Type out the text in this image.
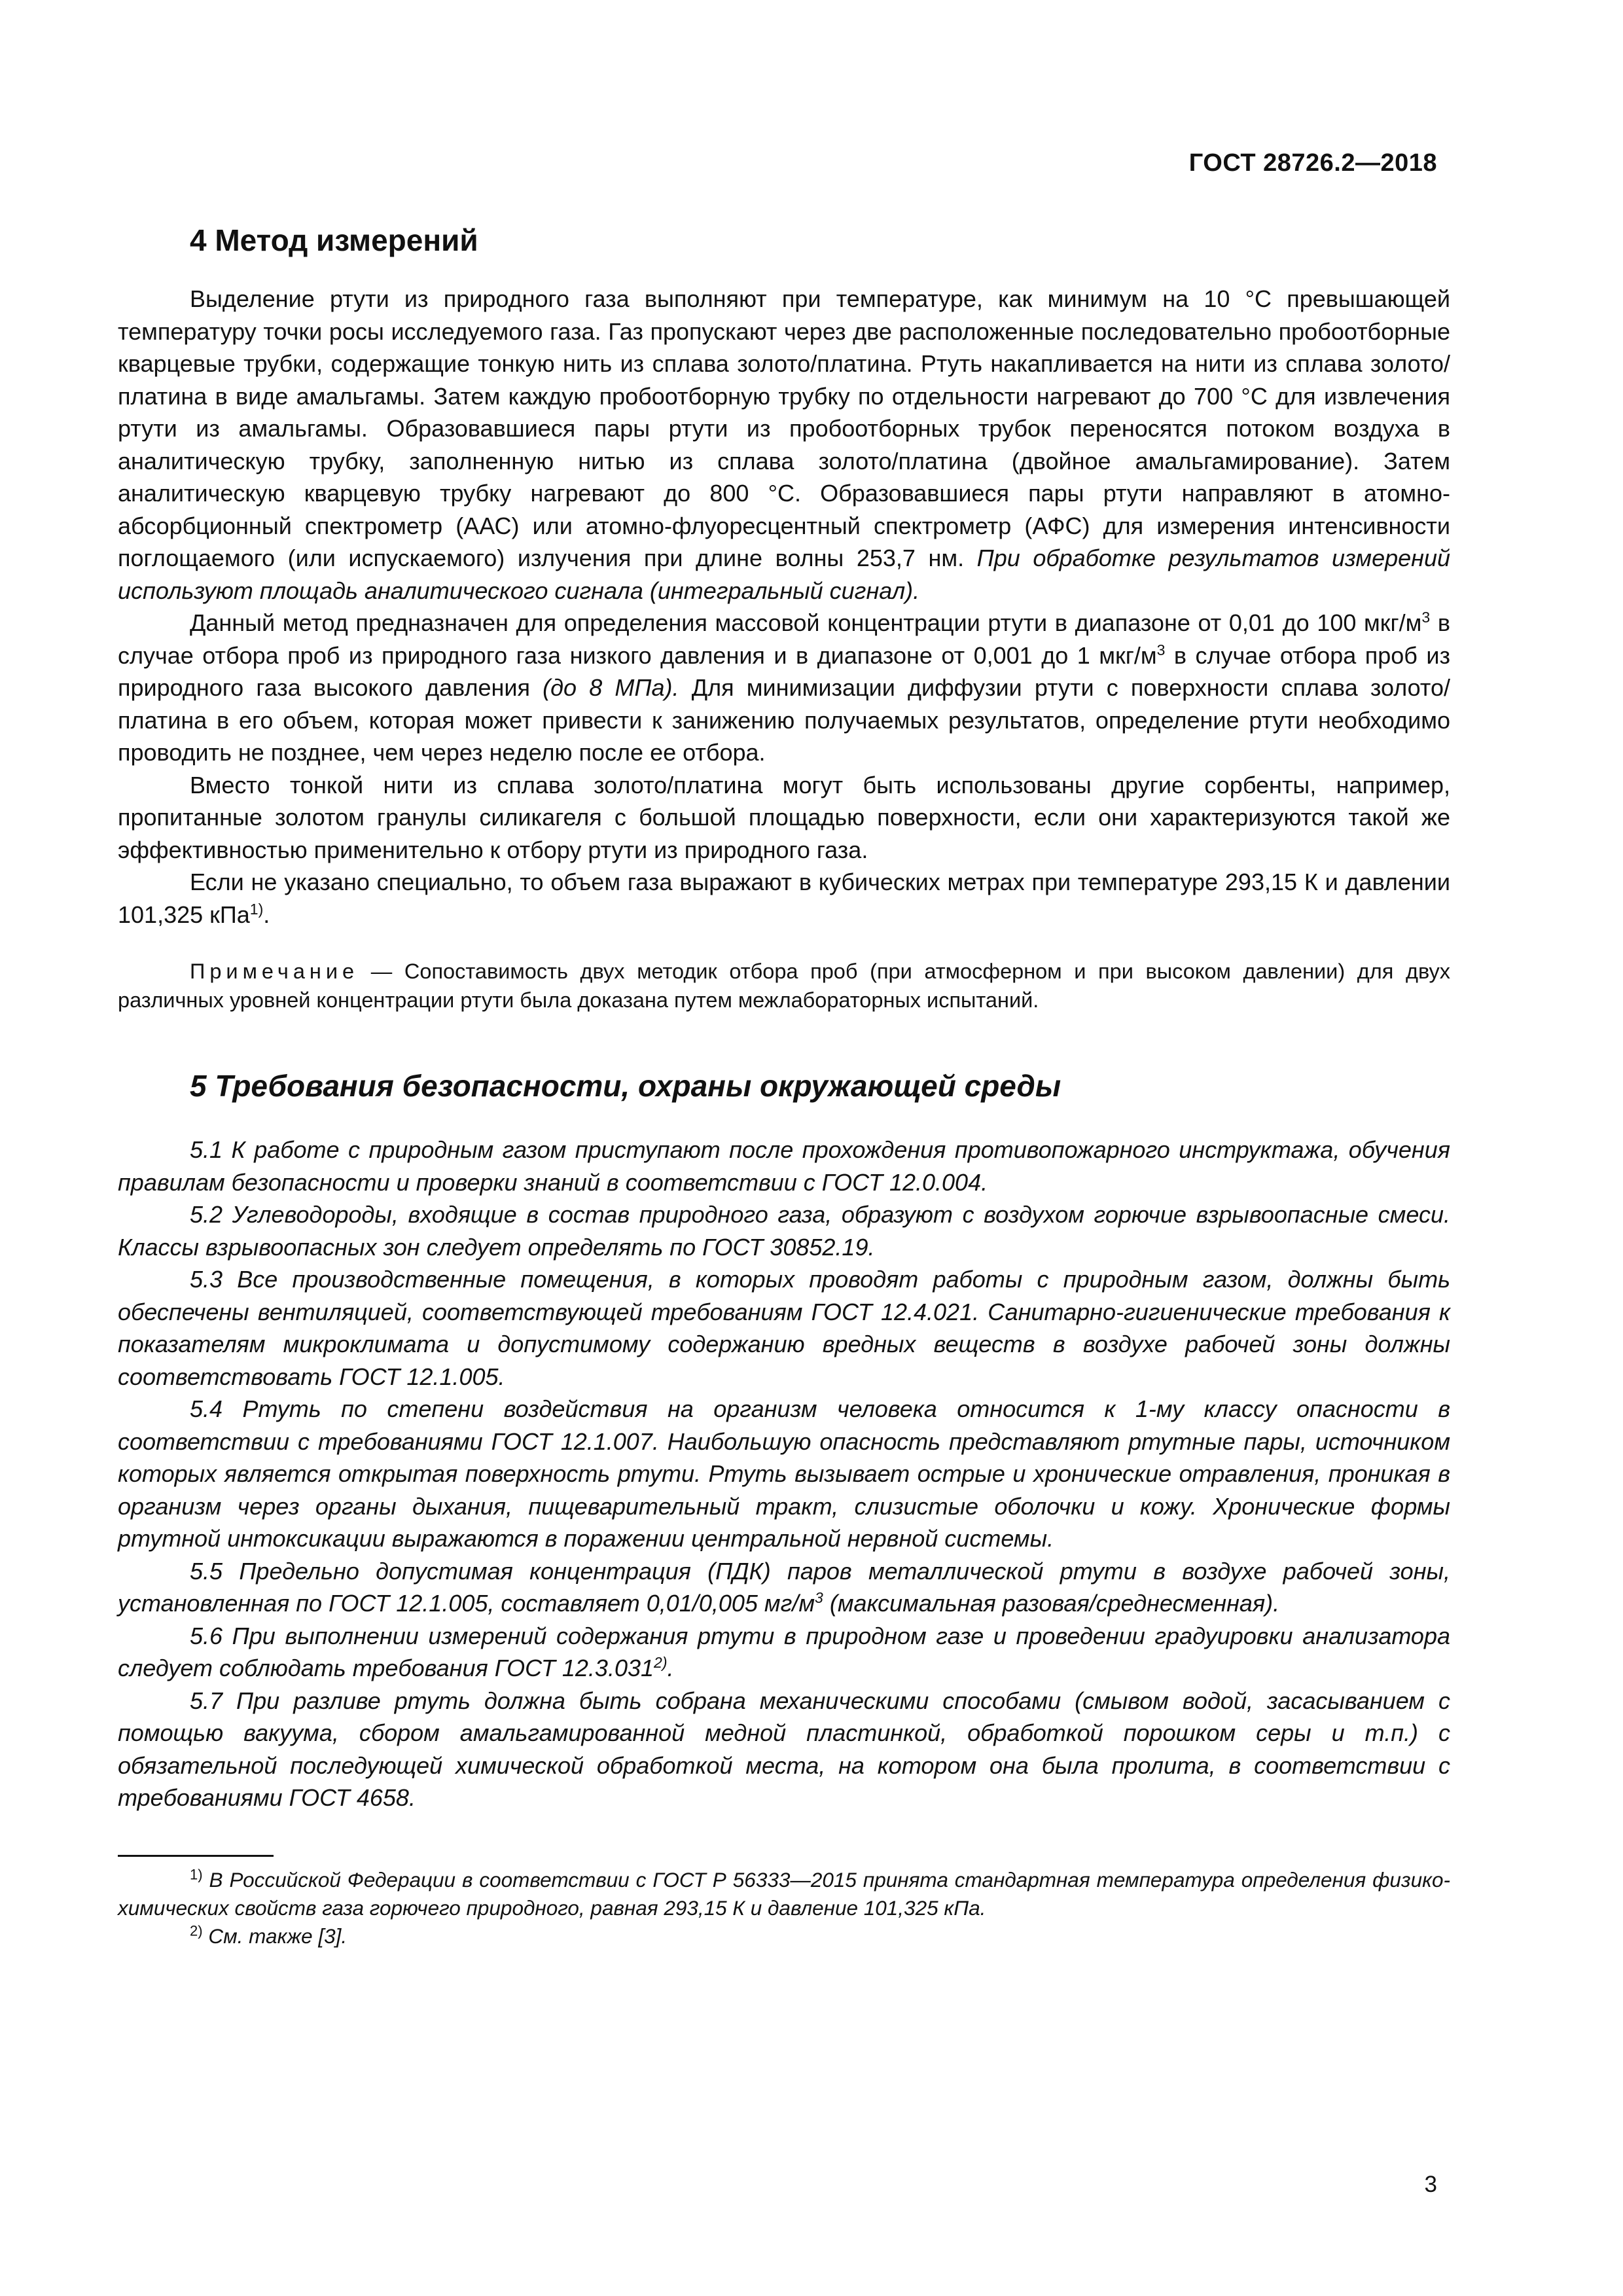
ГОСТ 28726.2—2018
4 Метод измерений

Выделение ртути из природного газа выполняют при температуре, как минимум на 10 °С превышающей температуру точки росы исследуемого газа. Газ пропускают через две расположенные последовательно пробоотборные кварцевые трубки, содержащие тонкую нить из сплава золото/платина. Ртуть накапливается на нити из сплава золото/платина в виде амальгамы. Затем каждую пробоотборную трубку по отдельности нагревают до 700 °С для извлечения ртути из амальгамы. Образовавшиеся пары ртути из пробоотборных трубок переносятся потоком воздуха в аналитическую трубку, заполненную нитью из сплава золото/платина (двойное амальгамирование). Затем аналитическую кварцевую трубку нагревают до 800 °С. Образовавшиеся пары ртути направляют в атомно-абсорбционный спектрометр (ААС) или атомно-флуоресцентный спектрометр (АФС) для измерения интенсивности поглощаемого (или испускаемого) излучения при длине волны 253,7 нм. При обработке результатов измерений используют площадь аналитического сигнала (интегральный сигнал).

Данный метод предназначен для определения массовой концентрации ртути в диапазоне от 0,01 до 100 мкг/$м^3$ в случае отбора проб из природного газа низкого давления и в диапазоне от 0,001 до 1 мкг/$м^3$ в случае отбора проб из природного газа высокого давления (до 8 МПа). Для минимизации диффузии ртути с поверхности сплава золото/платина в его объем, которая может привести к занижению получаемых результатов, определение ртути необходимо проводить не позднее, чем через неделю после ее отбора.

Вместо тонкой нити из сплава золото/платина могут быть использованы другие сорбенты, например, пропитанные золотом гранулы силикагеля с большой площадью поверхности, если они характеризуются такой же эффективностью применительно к отбору ртути из природного газа.

Если не указано специально, то объем газа выражают в кубических метрах при температуре 293,15 К и давлении 101,325 кПа$^{1)}$.

Примечание — Сопоставимость двух методик отбора проб (при атмосферном и при высоком давлении) для двух различных уровней концентрации ртути была доказана путем межлабораторных испытаний.

5 Требования безопасности, охраны окружающей среды

5.1 К работе с природным газом приступают после прохождения противопожарного инструктажа, обучения правилам безопасности и проверки знаний в соответствии с ГОСТ 12.0.004.

5.2 Углеводороды, входящие в состав природного газа, образуют с воздухом горючие взрывоопасные смеси. Классы взрывоопасных зон следует определять по ГОСТ 30852.19.

5.3 Все производственные помещения, в которых проводят работы с природным газом, должны быть обеспечены вентиляцией, соответствующей требованиям ГОСТ 12.4.021. Санитарно-гигиенические требования к показателям микроклимата и допустимому содержанию вредных веществ в воздухе рабочей зоны должны соответствовать ГОСТ 12.1.005.

5.4 Ртуть по степени воздействия на организм человека относится к 1-му классу опасности в соответствии с требованиями ГОСТ 12.1.007. Наибольшую опасность представляют ртутные пары, источником которых является открытая поверхность ртути. Ртуть вызывает острые и хронические отравления, проникая в организм через органы дыхания, пищеварительный тракт, слизистые оболочки и кожу. Хронические формы ртутной интоксикации выражаются в поражении центральной нервной системы.

5.5 Предельно допустимая концентрация (ПДК) паров металлической ртути в воздухе рабочей зоны, установленная по ГОСТ 12.1.005, составляет 0,01/0,005 $мг/м^3$ (максимальная разовая/среднесменная).

5.6 При выполнении измерений содержания ртути в природном газе и проведении градуировки анализатора следует соблюдать требования ГОСТ 12.3.031$^{2)}$.

5.7 При разливе ртуть должна быть собрана механическими способами (смывом водой, засасыванием с помощью вакуума, сбором амальгамированной медной пластинкой, обработкой порошком серы и т.п.) с обязательной последующей химической обработкой места, на котором она была пролита, в соответствии с требованиями ГОСТ 4658.

$^{1)}$ В Российской Федерации в соответствии с ГОСТ Р 56333—2015 принята стандартная температура определения физико-химических свойств газа горючего природного, равная 293,15 К и давление 101,325 кПа.

$^{2)}$ См. также [3].

3
